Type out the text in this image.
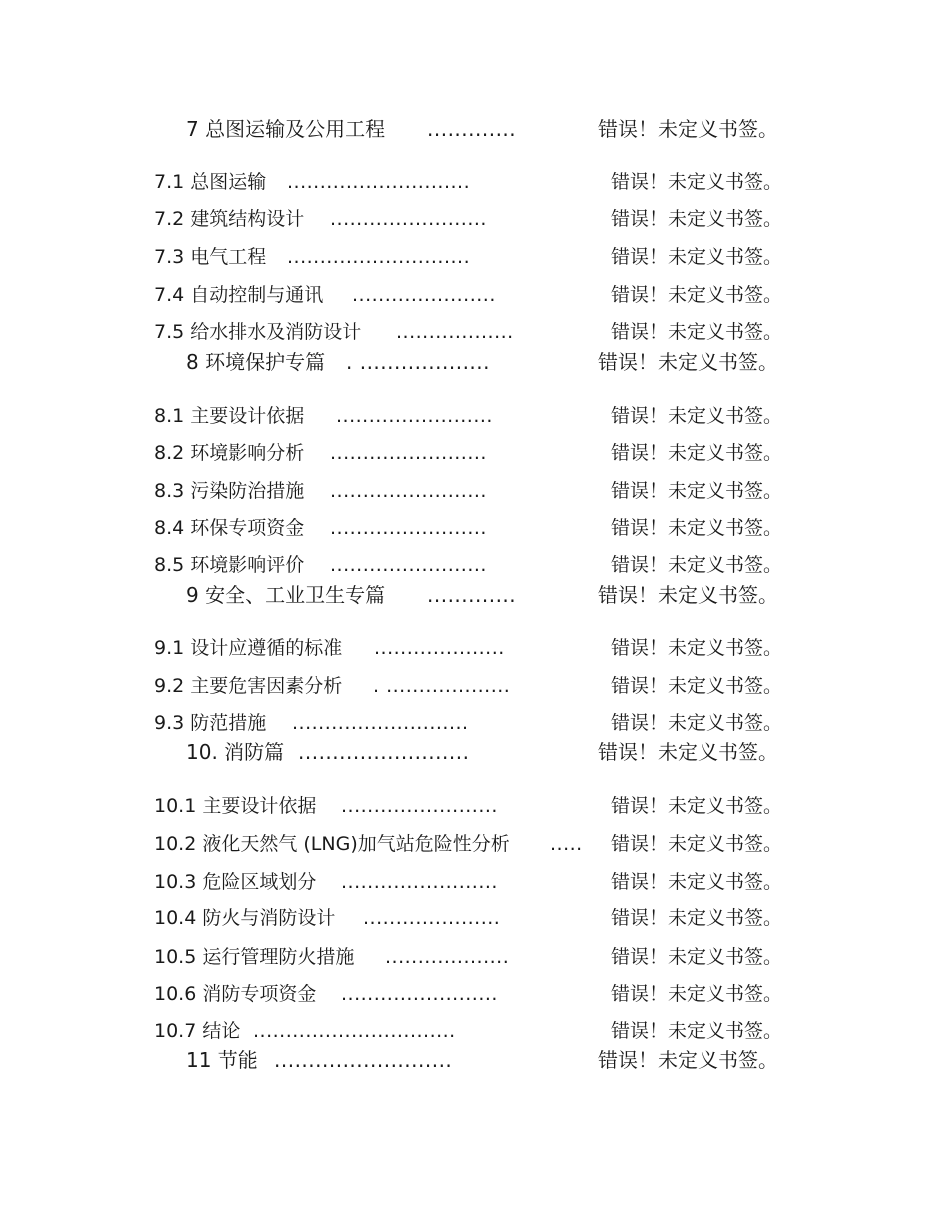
7 总图运输及公用工程 .............	错误！未定义书签。
7.1 总图运输 ............................	错误！未定义书签。
7.2 建筑结构设计 ........................	错误！未定义书签。
7.3 电气工程 ............................	错误！未定义书签。
7.4 自动控制与通讯 ......................	错误！未定义书签。
7.5 给水排水及消防设计 ..................	错误！未定义书签。
8 环境保护专篇 . ...................	错误！未定义书签。
8.1 主要设计依据 ........................	错误！未定义书签。
8.2 环境影响分析 ........................	错误！未定义书签。
8.3 污染防治措施 ........................	错误！未定义书签。
8.4 环保专项资金 ........................	错误！未定义书签。
8.5 环境影响评价 ........................	错误！未定义书签。
9 安全、工业卫生专篇 .............	错误！未定义书签。
9.1 设计应遵循的标准 ....................	错误！未定义书签。
9.2 主要危害因素分析 . ...................	错误！未定义书签。
9.3 防范措施 ...........................	错误！未定义书签。
10. 消防篇 .........................	错误！未定义书签。
10.1 主要设计依据 ........................	错误！未定义书签。
10.2 液化天然气 (LNG)加气站危险性分析 ..... 错误！未定义书签。
10.3 危险区域划分 ........................	错误！未定义书签。
10.4 防火与消防设计 .....................	错误！未定义书签。
10.5 运行管理防火措施 ...................	错误！未定义书签。
10.6 消防专项资金 ........................	错误！未定义书签。
10.7 结论 ...............................	错误！未定义书签。
11 节能 ..........................	错误！未定义书签。
